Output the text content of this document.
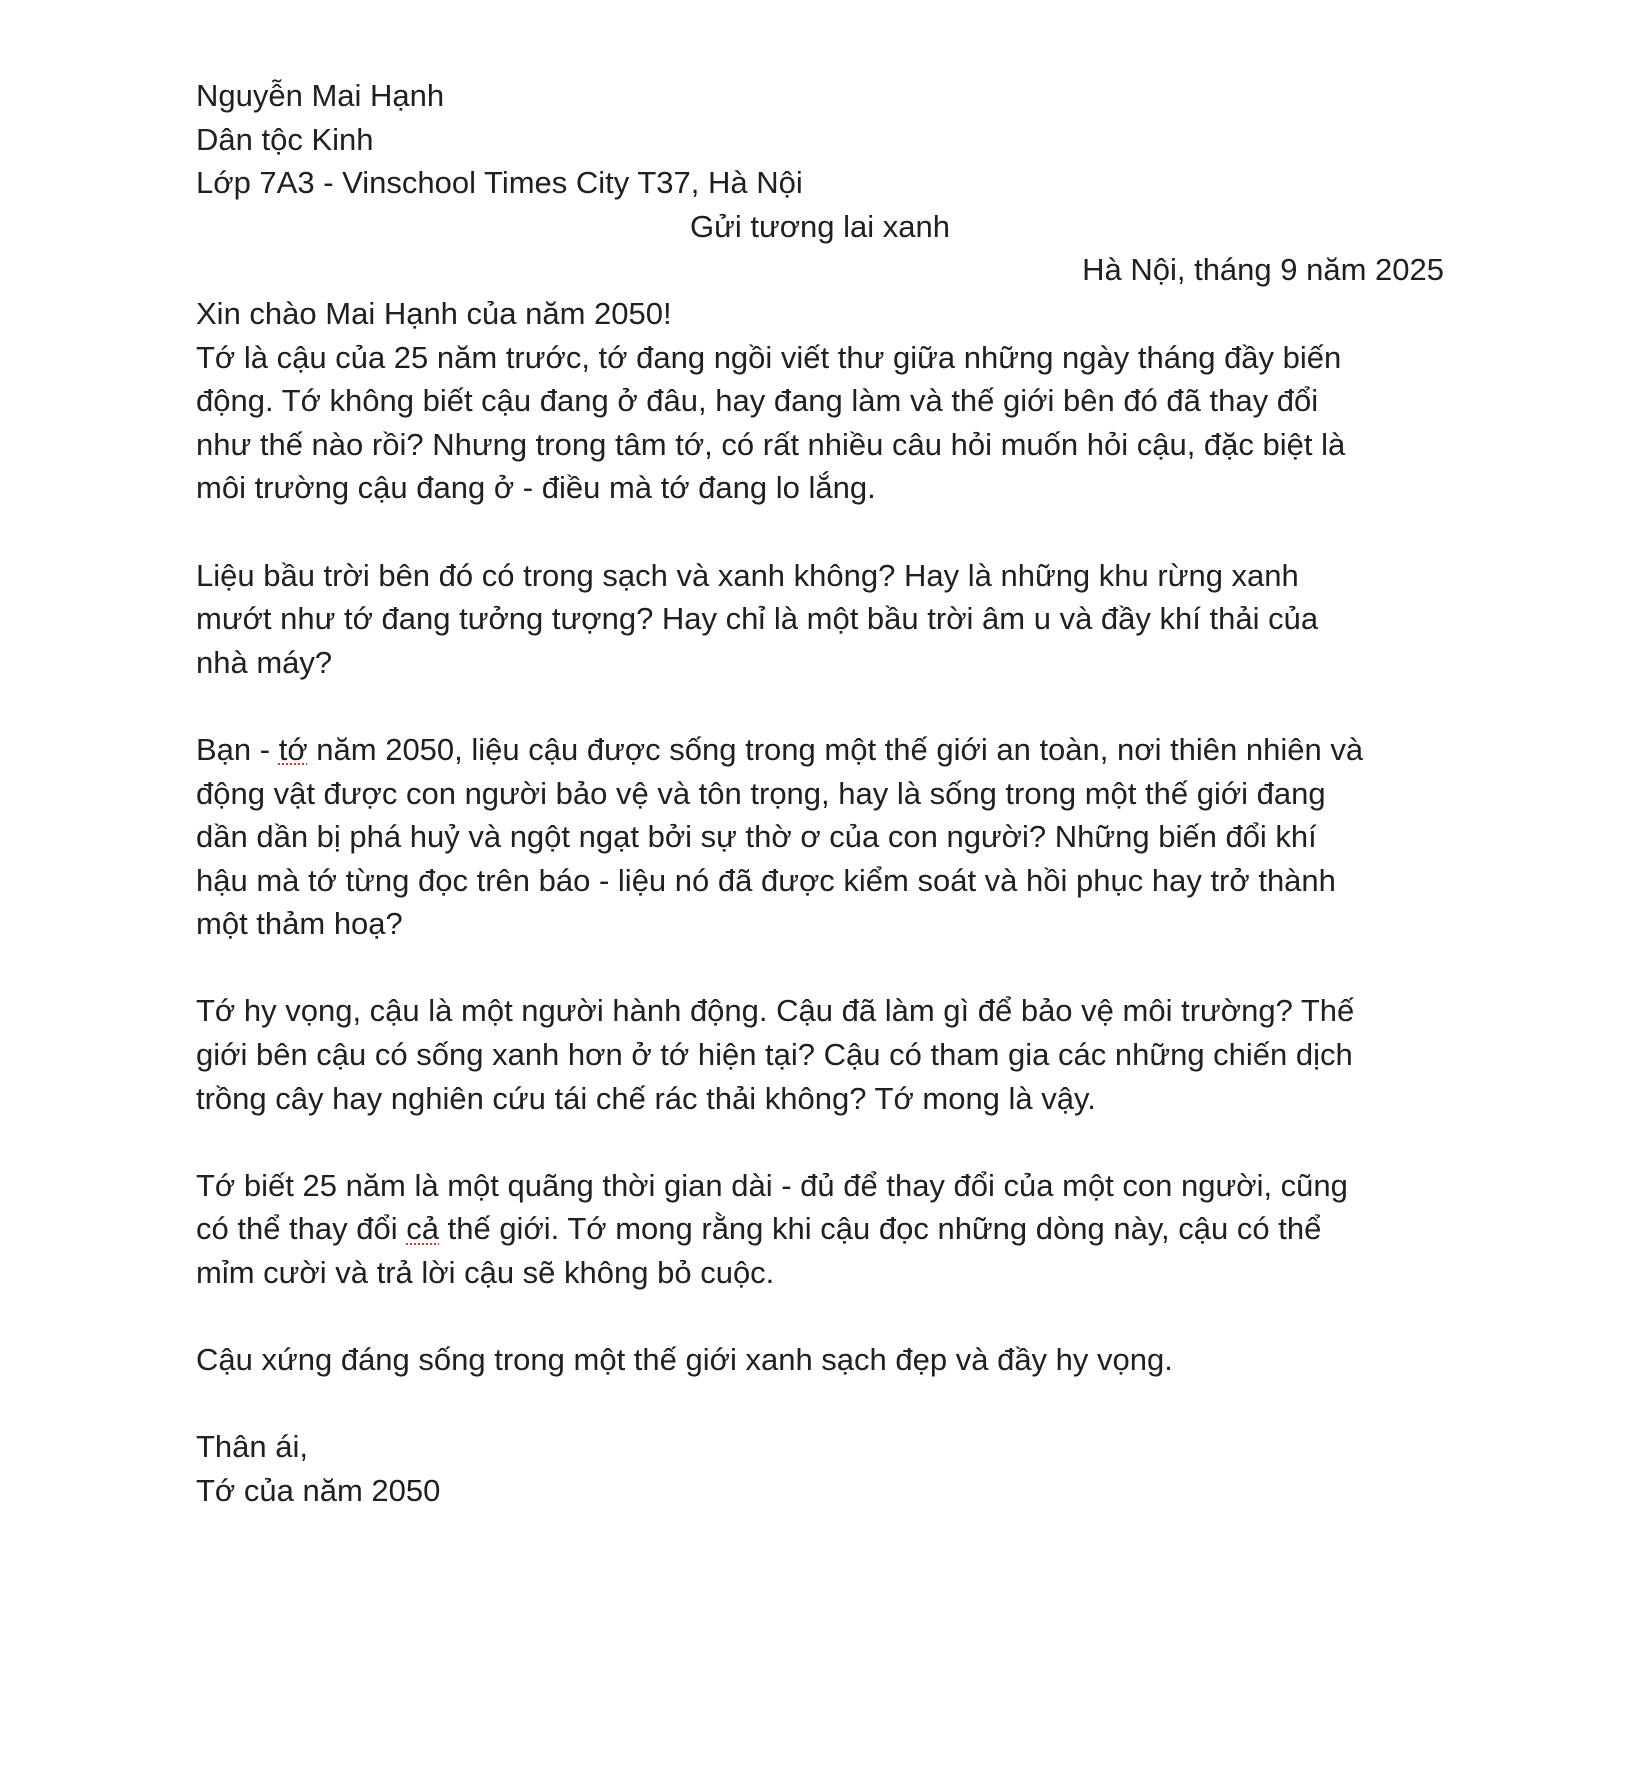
Nguyễn Mai Hạnh
Dân tộc Kinh
Lớp 7A3 - Vinschool Times City T37, Hà Nội
Gửi tương lai xanh
Hà Nội, tháng 9 năm 2025
Xin chào Mai Hạnh của năm 2050!
Tớ là cậu của 25 năm trước, tớ đang ngồi viết thư giữa những ngày tháng đầy biến
động. Tớ không biết cậu đang ở đâu, hay đang làm và thế giới bên đó đã thay đổi
như thế nào rồi? Nhưng trong tâm tớ, có rất nhiều câu hỏi muốn hỏi cậu, đặc biệt là
môi trường cậu đang ở - điều mà tớ đang lo lắng.
Liệu bầu trời bên đó có trong sạch và xanh không? Hay là những khu rừng xanh
mướt như tớ đang tưởng tượng? Hay chỉ là một bầu trời âm u và đầy khí thải của
nhà máy?
Bạn - tớ năm 2050, liệu cậu được sống trong một thế giới an toàn, nơi thiên nhiên và
động vật được con người bảo vệ và tôn trọng, hay là sống trong một thế giới đang
dần dần bị phá huỷ và ngột ngạt bởi sự thờ ơ của con người? Những biến đổi khí
hậu mà tớ từng đọc trên báo - liệu nó đã được kiểm soát và hồi phục hay trở thành
một thảm hoạ?
Tớ hy vọng, cậu là một người hành động. Cậu đã làm gì để bảo vệ môi trường? Thế
giới bên cậu có sống xanh hơn ở tớ hiện tại? Cậu có tham gia các những chiến dịch
trồng cây hay nghiên cứu tái chế rác thải không? Tớ mong là vậy.
Tớ biết 25 năm là một quãng thời gian dài - đủ để thay đổi của một con người, cũng
có thể thay đổi cả thế giới. Tớ mong rằng khi cậu đọc những dòng này, cậu có thể
mỉm cười và trả lời cậu sẽ không bỏ cuộc.
Cậu xứng đáng sống trong một thế giới xanh sạch đẹp và đầy hy vọng.
Thân ái,
Tớ của năm 2050
